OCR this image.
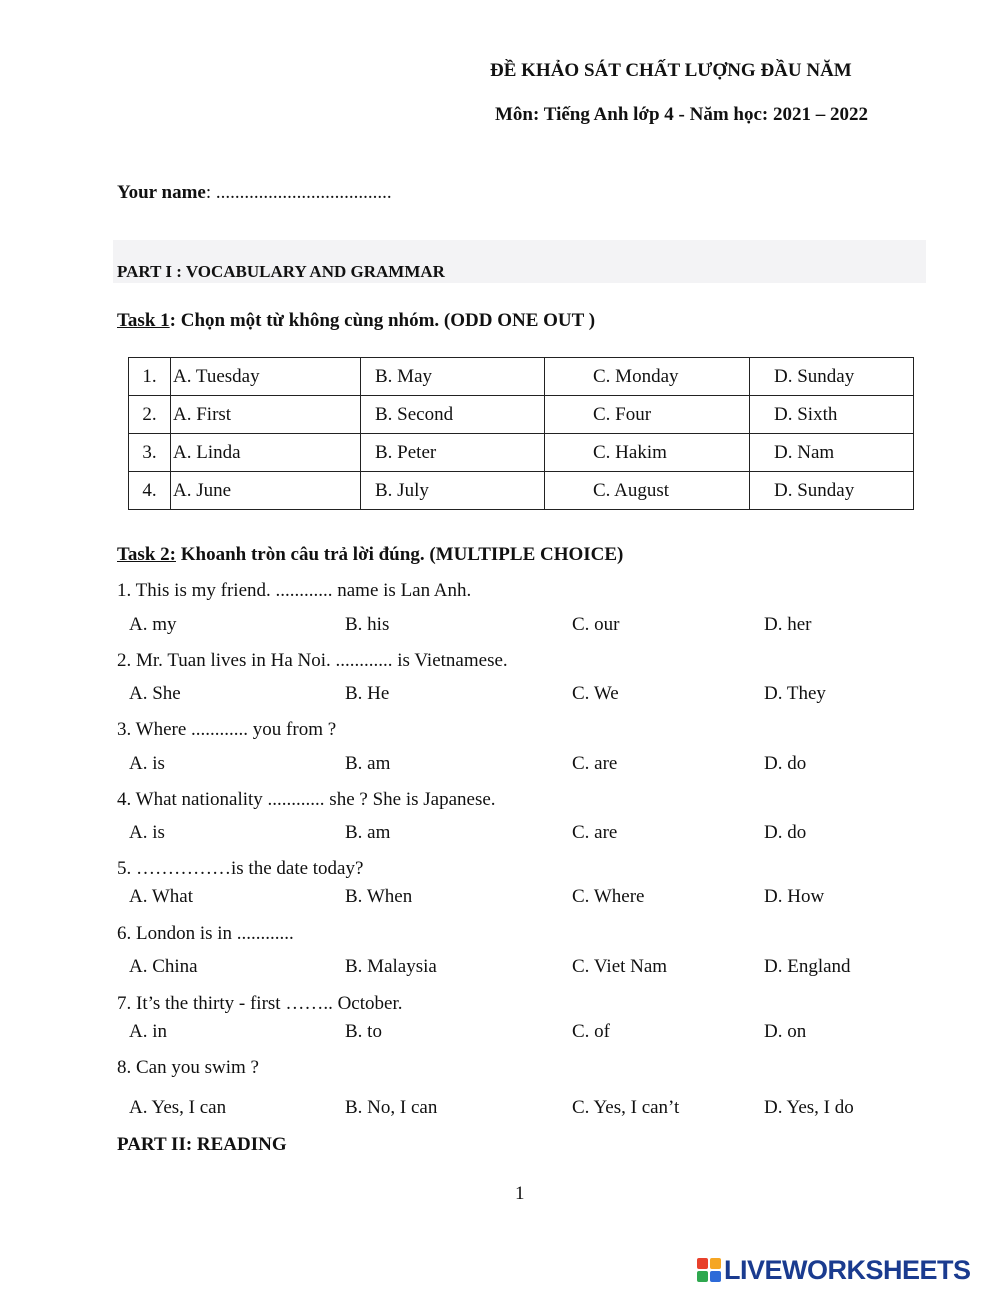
ĐỀ KHẢO SÁT CHẤT LƯỢNG ĐẦU NĂM
Môn: Tiếng Anh lớp 4 - Năm học: 2021 – 2022
Your name: .....................................
PART I : VOCABULARY AND GRAMMAR
Task 1: Chọn một từ không cùng nhóm. (ODD ONE OUT )
1.	A. Tuesday	B. May	C. Monday	D. Sunday
2.	A. First	B. Second	C. Four	D. Sixth
3.	A. Linda	B. Peter	C. Hakim	D. Nam
4.	A. June	B. July	C. August	D. Sunday
Task 2: Khoanh tròn câu trả lời đúng. (MULTIPLE CHOICE)
1. This is my friend. ............ name is Lan Anh.
A. my	B. his	C. our	D. her
2. Mr. Tuan lives in Ha Noi. ............ is Vietnamese.
A. She	B. He	C. We	D. They
3. Where ............ you from ?
A. is	B. am	C. are	D. do
4. What nationality ............ she ? She is Japanese.
A. is	B. am	C. are	D. do
5. ……………is the date today?
A. What	B. When	C. Where	D. How
6. London is in ............
A. China	B. Malaysia	C. Viet Nam	D. England
7. It’s the thirty - first …….. October.
A. in	B. to	C. of	D. on
8. Can you swim ?
A. Yes, I can	B. No, I can	C. Yes, I can’t	D. Yes, I do
PART II: READING
1
LIVEWORKSHEETS
